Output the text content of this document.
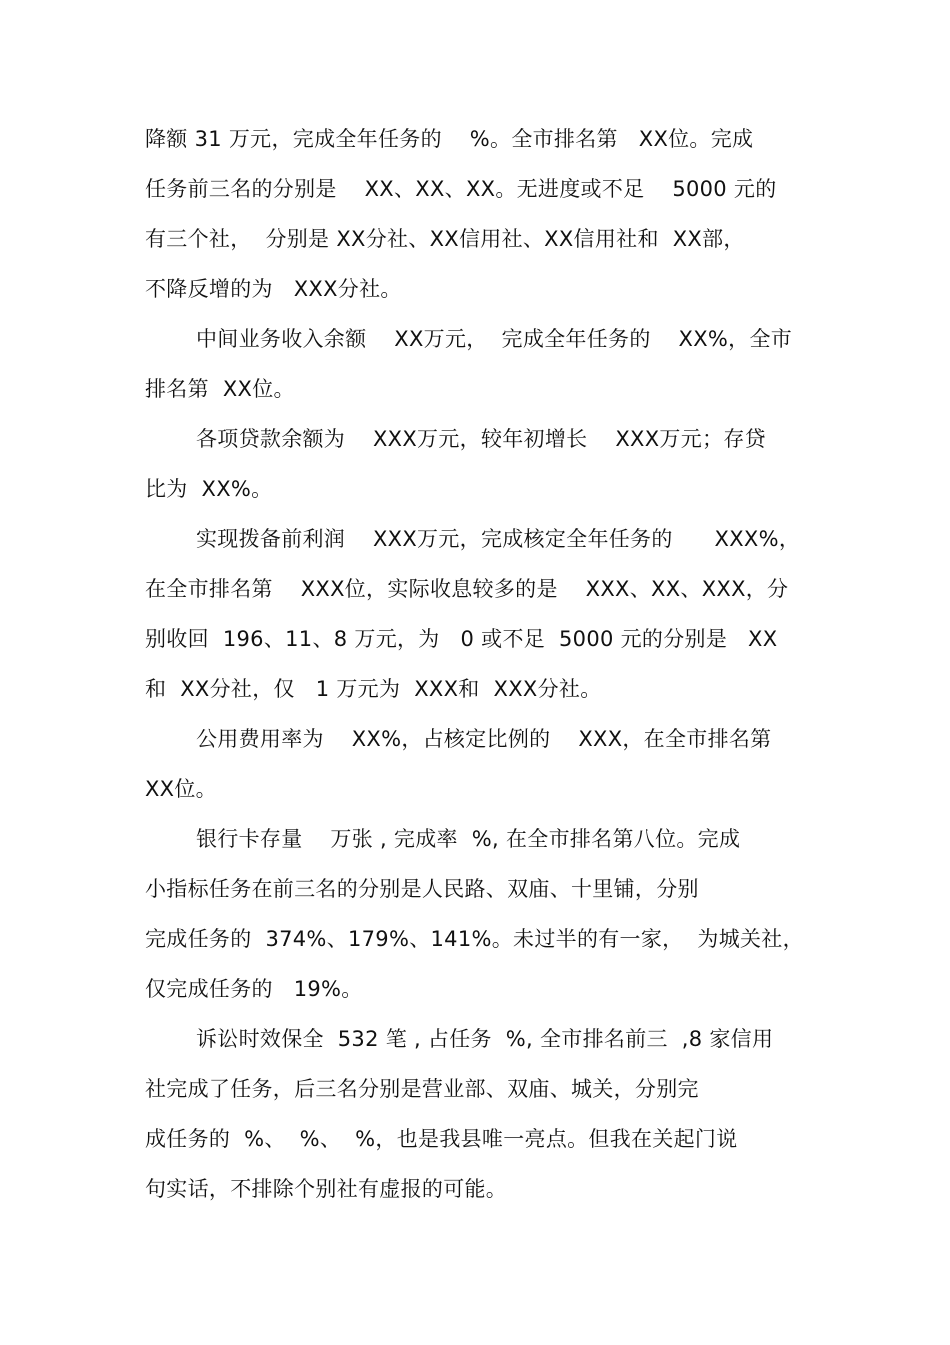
降额 31 万元，完成全年任务的    %。全市排名第   XX位。完成
任务前三名的分别是    XX、XX、XX。无进度或不足    5000 元的
有三个社，  分别是 XX分社、XX信用社、XX信用社和  XX部，
不降反增的为   XXX分社。
中间业务收入余额    XX万元，  完成全年任务的    XX%，全市
排名第  XX位。
各项贷款余额为    XXX万元，较年初增长    XXX万元；存贷
比为  XX%。
实现拨备前利润    XXX万元，完成核定全年任务的      XXX%，
在全市排名第    XXX位，实际收息较多的是    XXX、XX、XXX，分
别收回  196、11、8 万元，为   0 或不足  5000 元的分别是   XX
和  XX分社，仅   1 万元为  XXX和  XXX分社。
公用费用率为    XX%，占核定比例的    XXX，在全市排名第
XX位。
银行卡存量    万张 , 完成率  %, 在全市排名第八位。完成
小指标任务在前三名的分别是人民路、双庙、十里铺，分别
完成任务的  374%、179%、141%。未过半的有一家，  为城关社，
仅完成任务的   19%。
诉讼时效保全  532 笔 , 占任务  %, 全市排名前三  ,8 家信用
社完成了任务，后三名分别是营业部、双庙、城关，分别完
成任务的  %、  %、  %，也是我县唯一亮点。但我在关起门说
句实话，不排除个别社有虚报的可能。
